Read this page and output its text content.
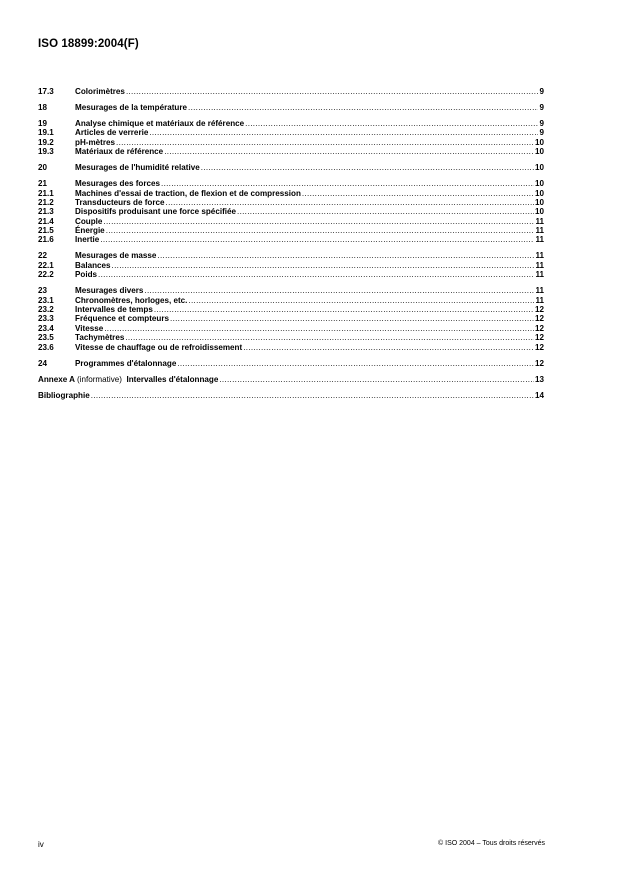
ISO 18899:2004(F)
17.3	Colorimètres .....	9
18	Mesurages de la température .....	9
19	Analyse chimique et matériaux de référence .....	9
19.1	Articles de verrerie .....	9
19.2	pH-mètres .....	10
19.3	Matériaux de référence .....	10
20	Mesurages de l'humidité relative .....	10
21	Mesurages des forces .....	10
21.1	Machines d'essai de traction, de flexion et de compression .....	10
21.2	Transducteurs de force .....	10
21.3	Dispositifs produisant une force spécifiée .....	10
21.4	Couple .....	11
21.5	Énergie .....	11
21.6	Inertie .....	11
22	Mesurages de masse .....	11
22.1	Balances .....	11
22.2	Poids .....	11
23	Mesurages divers .....	11
23.1	Chronomètres, horloges, etc. .....	11
23.2	Intervalles de temps .....	12
23.3	Fréquence et compteurs .....	12
23.4	Vitesse .....	12
23.5	Tachymètres .....	12
23.6	Vitesse de chauffage ou de refroidissement .....	12
24	Programmes d'étalonnage .....	12
Annexe A (informative) Intervalles d'étalonnage .....	13
Bibliographie .....	14
iv	© ISO 2004 – Tous droits réservés
